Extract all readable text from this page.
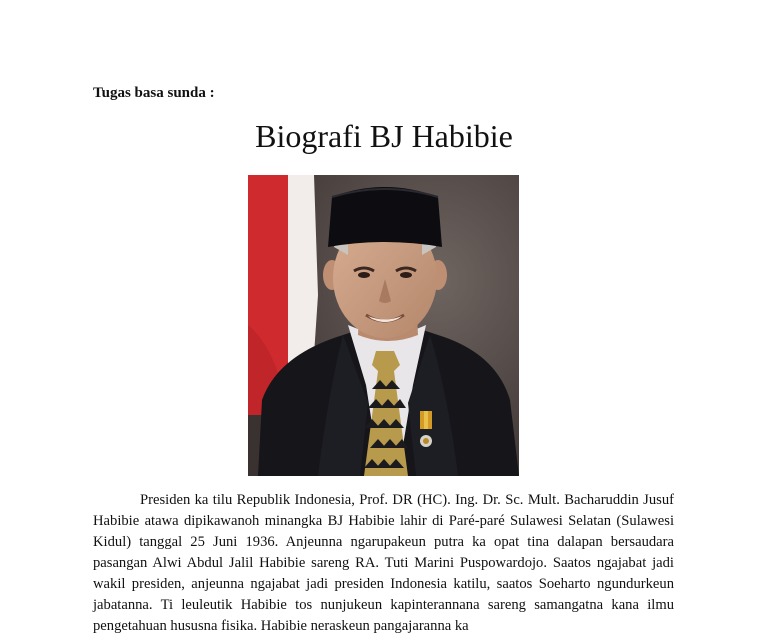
Tugas basa sunda :
Biografi BJ Habibie

Presiden ka tilu Republik Indonesia, Prof. DR (HC). Ing. Dr. Sc. Mult. Bacharuddin Jusuf Habibie atawa dipikawanoh minangka BJ Habibie lahir di Paré-paré Sulawesi Selatan (Sulawesi Kidul) tanggal 25 Juni 1936. Anjeunna ngarupakeun putra ka opat tina dalapan bersaudara pasangan Alwi Abdul Jalil Habibie sareng RA. Tuti Marini Puspowardojo. Saatos ngajabat jadi wakil presiden, anjeunna ngajabat jadi presiden Indonesia katilu, saatos Soeharto ngundurkeun jabatanna. Ti leuleutik Habibie tos nunjukeun kapinterannana sareng samangatna kana ilmu pengetahuan hususna fisika. Habibie neraskeun pangajaranna ka
